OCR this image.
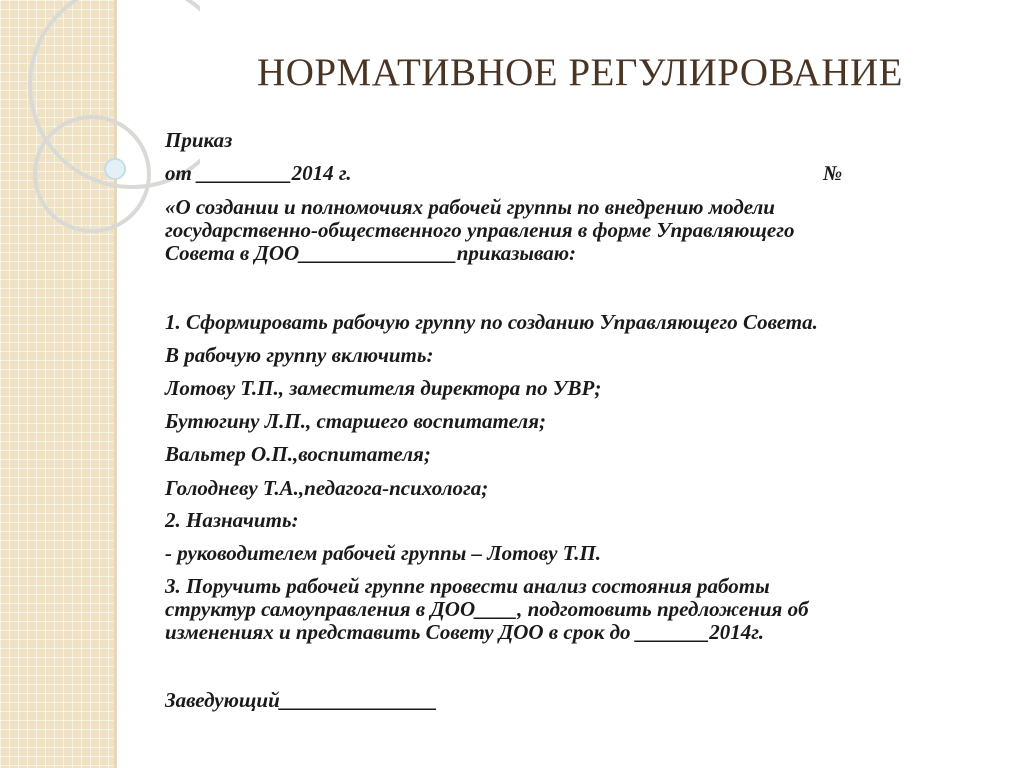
НОРМАТИВНОЕ РЕГУЛИРОВАНИЕ
Приказ
от _________2014 г.	№
«О создании и полномочиях рабочей группы по внедрению модели
государственно-общественного управления в форме Управляющего
Совета в ДОО_______________приказываю:
1. Сформировать рабочую группу по созданию Управляющего Совета.
В рабочую группу включить:
Лотову Т.П., заместителя директора по УВР;
Бутюгину Л.П., старшего воспитателя;
Вальтер О.П.,воспитателя;
Голодневу Т.А.,педагога-психолога;
2. Назначить:
- руководителем рабочей группы – Лотову Т.П.
3. Поручить рабочей группе провести анализ состояния работы
структур самоуправления в ДОО____, подготовить предложения об
изменениях и представить Совету ДОО в срок до _______2014г.
Заведующий_______________
